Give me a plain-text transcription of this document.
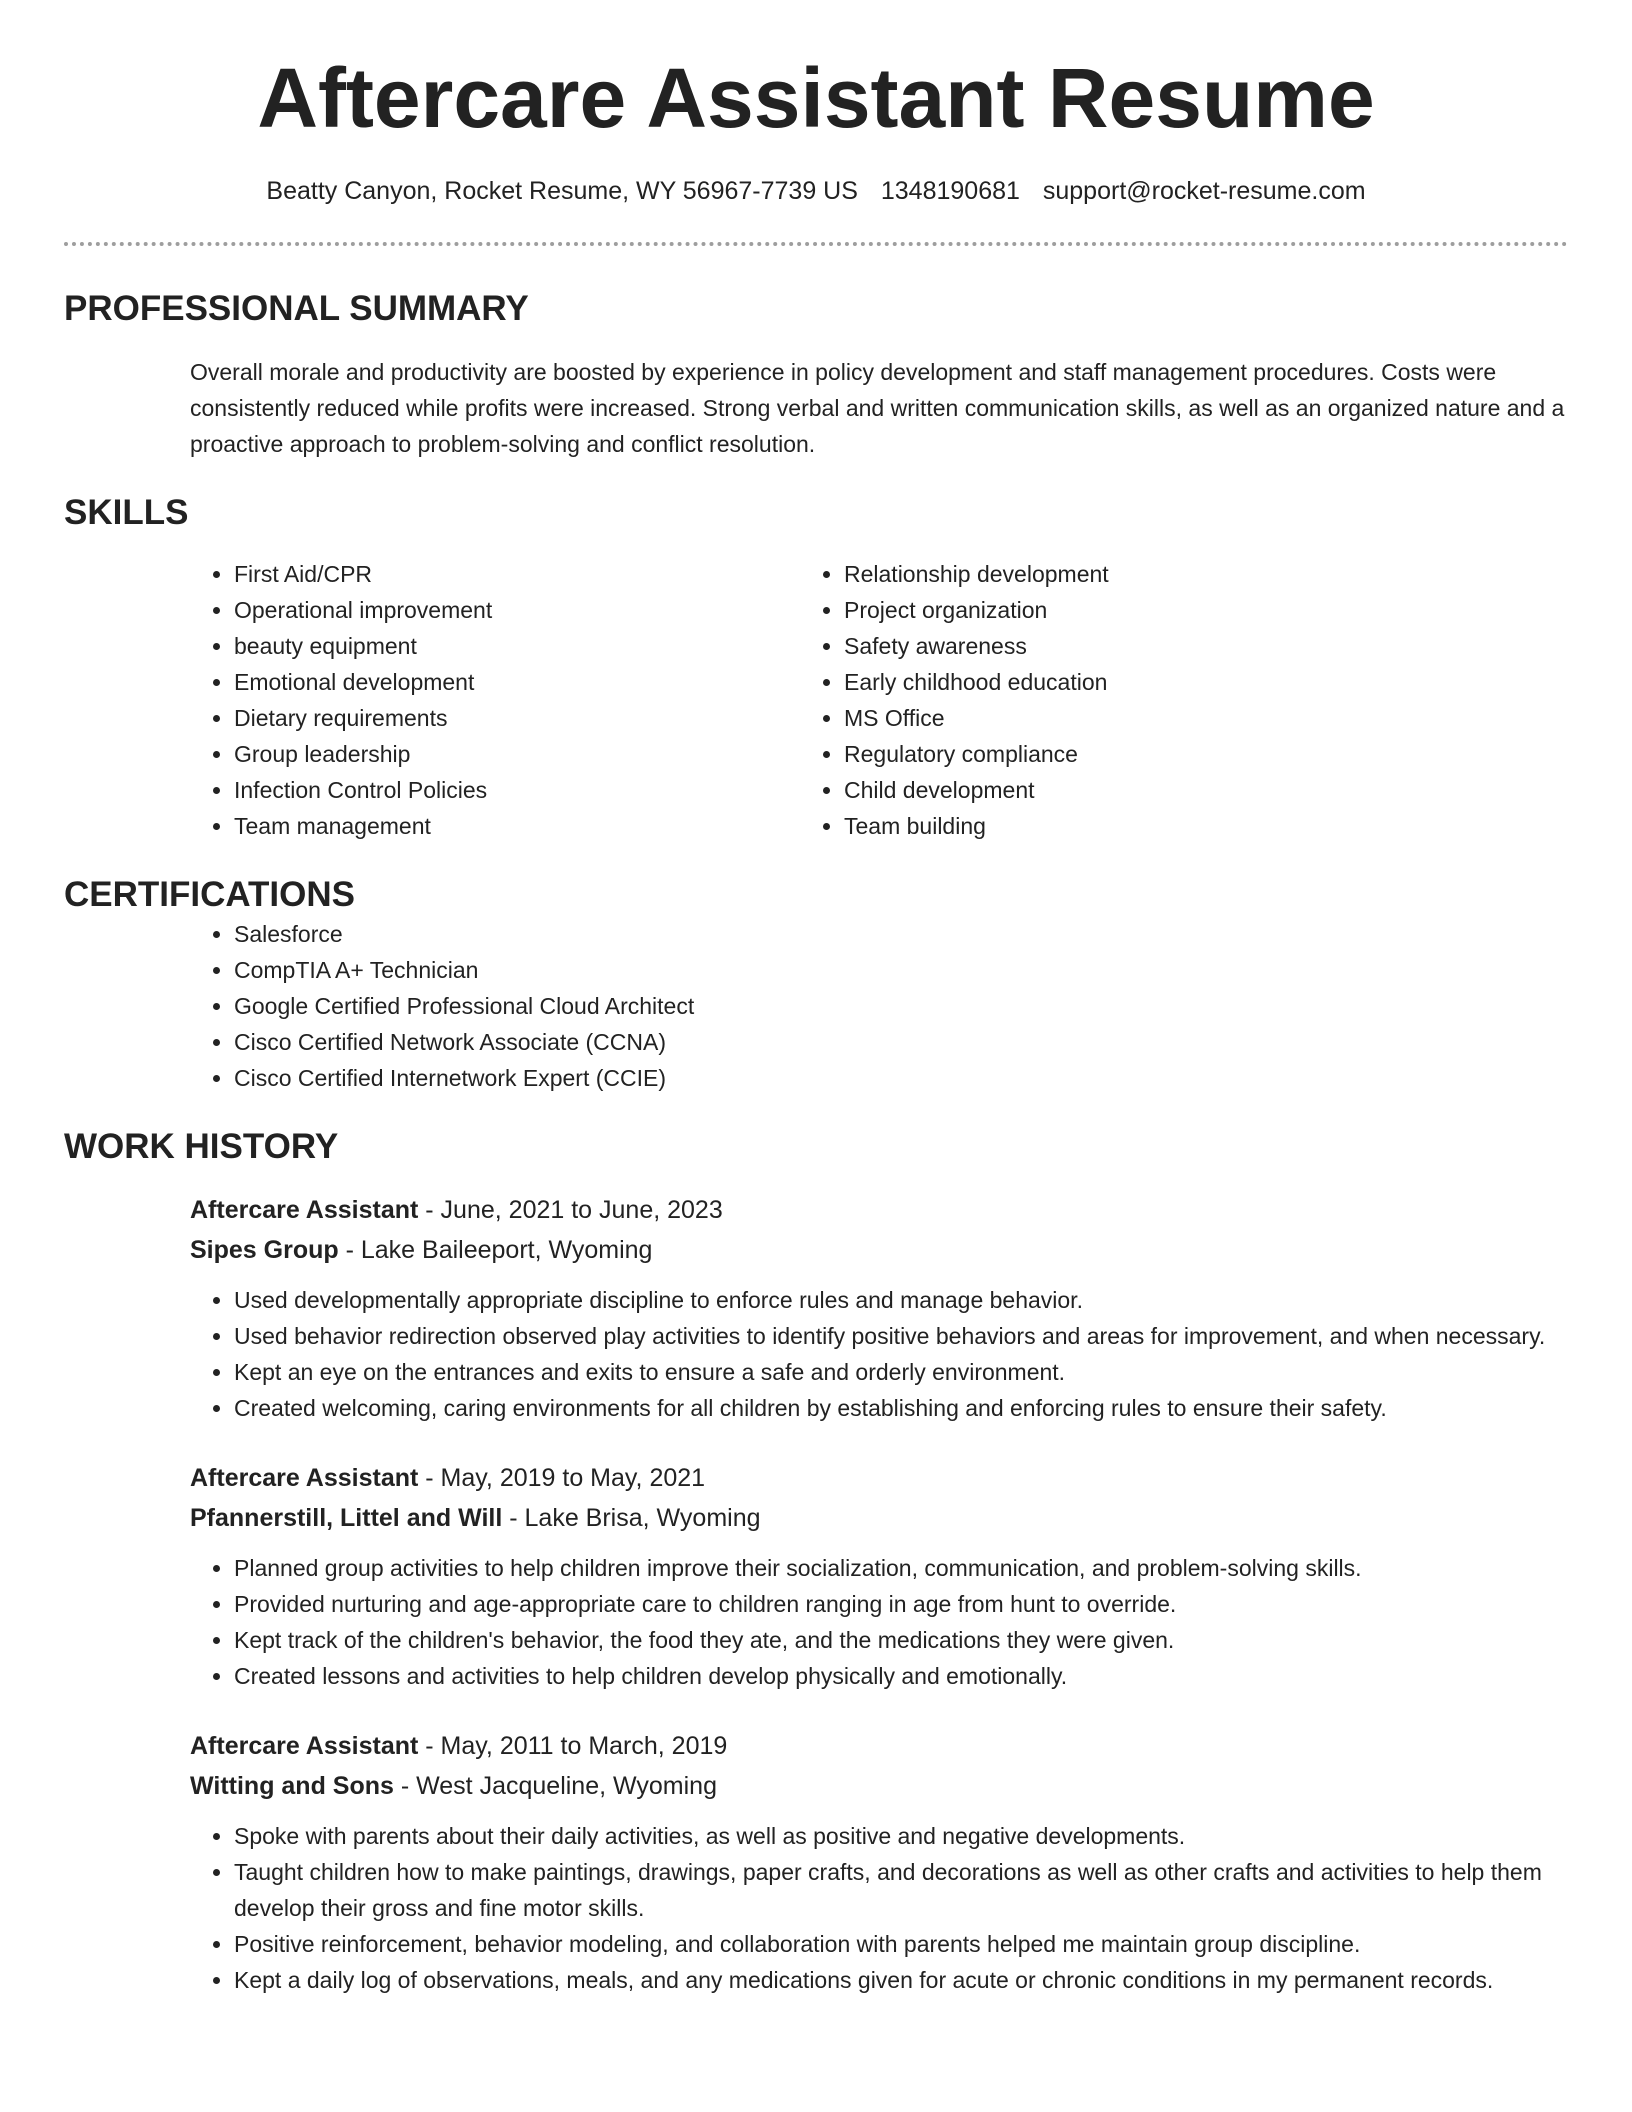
Aftercare Assistant Resume
Beatty Canyon, Rocket Resume, WY 56967-7739 US 1348190681 support@rocket-resume.com
PROFESSIONAL SUMMARY

Overall morale and productivity are boosted by experience in policy development and staff management procedures. Costs were consistently reduced while profits were increased. Strong verbal and written communication skills, as well as an organized nature and a proactive approach to problem-solving and conflict resolution.

SKILLS
• First Aid/CPR
• Operational improvement
• beauty equipment
• Emotional development
• Dietary requirements
• Group leadership
• Infection Control Policies
• Team management
• Relationship development
• Project organization
• Safety awareness
• Early childhood education
• MS Office
• Regulatory compliance
• Child development
• Team building
CERTIFICATIONS
• Salesforce
• CompTIA A+ Technician
• Google Certified Professional Cloud Architect
• Cisco Certified Network Associate (CCNA)
• Cisco Certified Internetwork Expert (CCIE)
WORK HISTORY
Aftercare Assistant - June, 2021 to June, 2023
Sipes Group - Lake Baileeport, Wyoming
• Used developmentally appropriate discipline to enforce rules and manage behavior.
• Used behavior redirection observed play activities to identify positive behaviors and areas for improvement, and when necessary.
• Kept an eye on the entrances and exits to ensure a safe and orderly environment.
• Created welcoming, caring environments for all children by establishing and enforcing rules to ensure their safety.
Aftercare Assistant - May, 2019 to May, 2021
Pfannerstill, Littel and Will - Lake Brisa, Wyoming
• Planned group activities to help children improve their socialization, communication, and problem-solving skills.
• Provided nurturing and age-appropriate care to children ranging in age from hunt to override.
• Kept track of the children's behavior, the food they ate, and the medications they were given.
• Created lessons and activities to help children develop physically and emotionally.
Aftercare Assistant - May, 2011 to March, 2019
Witting and Sons - West Jacqueline, Wyoming
• Spoke with parents about their daily activities, as well as positive and negative developments.
• Taught children how to make paintings, drawings, paper crafts, and decorations as well as other crafts and activities to help them develop their gross and fine motor skills.
• Positive reinforcement, behavior modeling, and collaboration with parents helped me maintain group discipline.
• Kept a daily log of observations, meals, and any medications given for acute or chronic conditions in my permanent records.
